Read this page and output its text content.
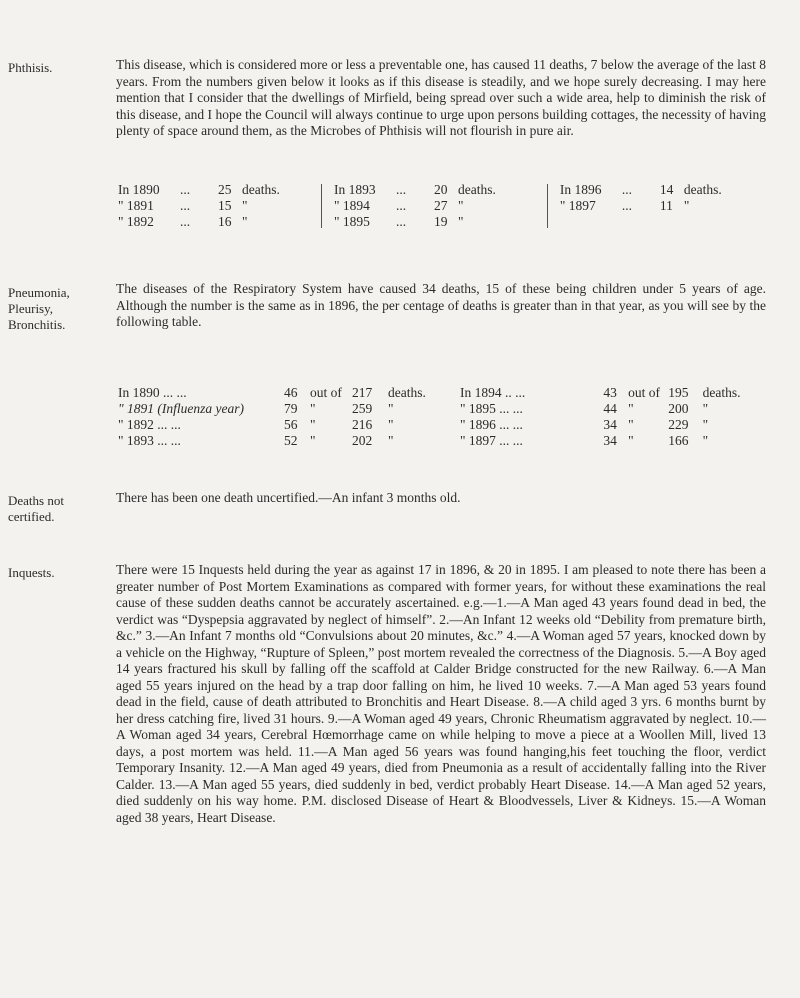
Phthisis.	This disease, which is considered more or less a preventable one, has caused 11 deaths, 7 below the average of the last 8 years. From the numbers given below it looks as if this disease is steadily, and we hope surely decreasing. I may here mention that I consider that the dwellings of Mirfield, being spread over such a wide area, help to diminish the risk of this disease, and I hope the Council will always continue to urge upon persons building cottages, the necessity of having plenty of space around them, as the Microbes of Phthisis will not flourish in pure air.
In 1890	...	25 deaths.
" 1891	...	15 "
" 1892	...	16 "
In 1893	...	20 deaths.
" 1894	...	27 "
" 1895	...	19 "
In 1896	...	14 deaths.
" 1897	...	11 "
Pneumonia,
Pleurisy,
Bronchitis.
The diseases of the Respiratory System have caused 34 deaths, 15 of these being children under 5 years of age. Although the number is the same as in 1896, the per centage of deaths is greater than in that year, as you will see by the following table.
In 1890 ... ...	46 out of 217	deaths.
" 1891 (Influenza year)	79 "	259	"
" 1892 ... ...	56 "	216	"
" 1893 ... ...	52 "	202	"
In 1894 .. ...	43 out of 195	deaths.
" 1895 ... ...	44 "	200	"
" 1896 ... ...	34 "	229	"
" 1897 ... ...	34 "	166	"
Deaths not
certified.
There has been one death uncertified.—An infant 3 months old.
Inquests.	There were 15 Inquests held during the year as against 17 in 1896, & 20 in 1895. I am pleased to note there has been a greater number of Post Mortem Examinations as compared with former years, for without these examinations the real cause of these sudden deaths cannot be accurately ascertained. e.g.—1.—A Man aged 43 years found dead in bed, the verdict was “Dyspepsia aggravated by neglect of himself”. 2.—An Infant 12 weeks old “Debility from premature birth, &c.” 3.—An Infant 7 months old “Convulsions about 20 minutes, &c.” 4.—A Woman aged 57 years, knocked down by a vehicle on the Highway, “Rupture of Spleen,” post mortem revealed the correctness of the Diagnosis. 5.—A Boy aged 14 years fractured his skull by falling off the scaffold at Calder Bridge constructed for the new Railway. 6.—A Man aged 55 years injured on the head by a trap door falling on him, he lived 10 weeks. 7.—A Man aged 53 years found dead in the field, cause of death attributed to Bronchitis and Heart Disease. 8.—A child aged 3 yrs. 6 months burnt by her dress catching fire, lived 31 hours. 9.—A Woman aged 49 years, Chronic Rheumatism aggravated by neglect. 10.—A Woman aged 34 years, Cerebral Hœmorrhage came on while helping to move a piece at a Woollen Mill, lived 13 days, a post mortem was held. 11.—A Man aged 56 years was found hanging,his feet touching the floor, verdict Temporary Insanity. 12.—A Man aged 49 years, died from Pneumonia as a result of accidentally falling into the River Calder. 13.—A Man aged 55 years, died suddenly in bed, verdict probably Heart Disease. 14.—A Man aged 52 years, died suddenly on his way home. P.M. disclosed Disease of Heart & Bloodvessels, Liver & Kidneys. 15.—A Woman aged 38 years, Heart Disease.
